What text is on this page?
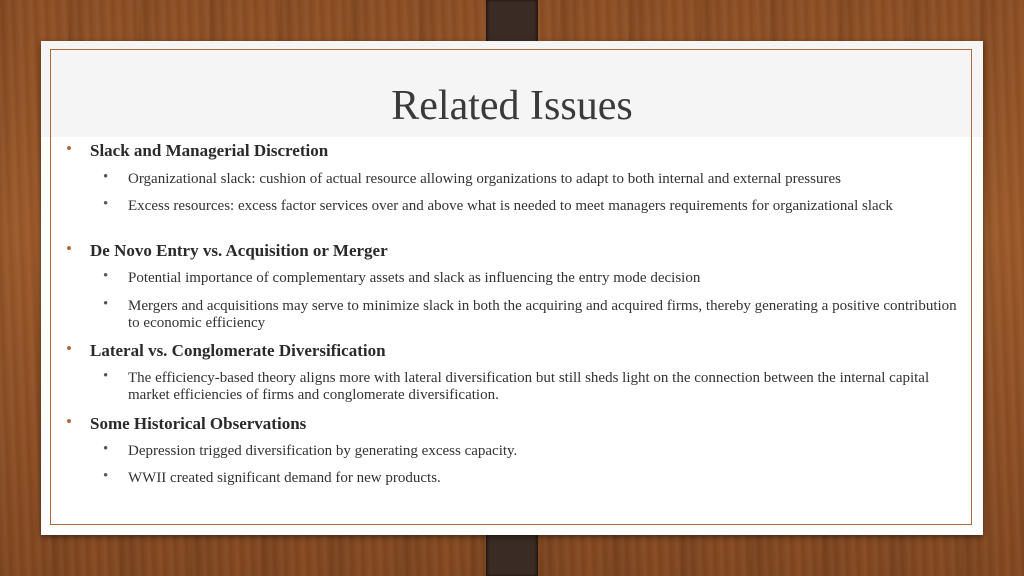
Related Issues
• Slack and Managerial Discretion

• Organizational slack: cushion of actual resource allowing organizations to adapt to both internal and external pressures

• Excess resources: excess factor services over and above what is needed to meet managers requirements for organizational slack

• De Novo Entry vs. Acquisition or Merger

• Potential importance of complementary assets and slack as influencing the entry mode decision

• Mergers and acquisitions may serve to minimize slack in both the acquiring and acquired firms, thereby generating a positive contribution to economic efficiency

• Lateral vs. Conglomerate Diversification

• The efficiency-based theory aligns more with lateral diversification but still sheds light on the connection between the internal capital market efficiencies of firms and conglomerate diversification.

• Some Historical Observations

• Depression trigged diversification by generating excess capacity.

• WWII created significant demand for new products.
